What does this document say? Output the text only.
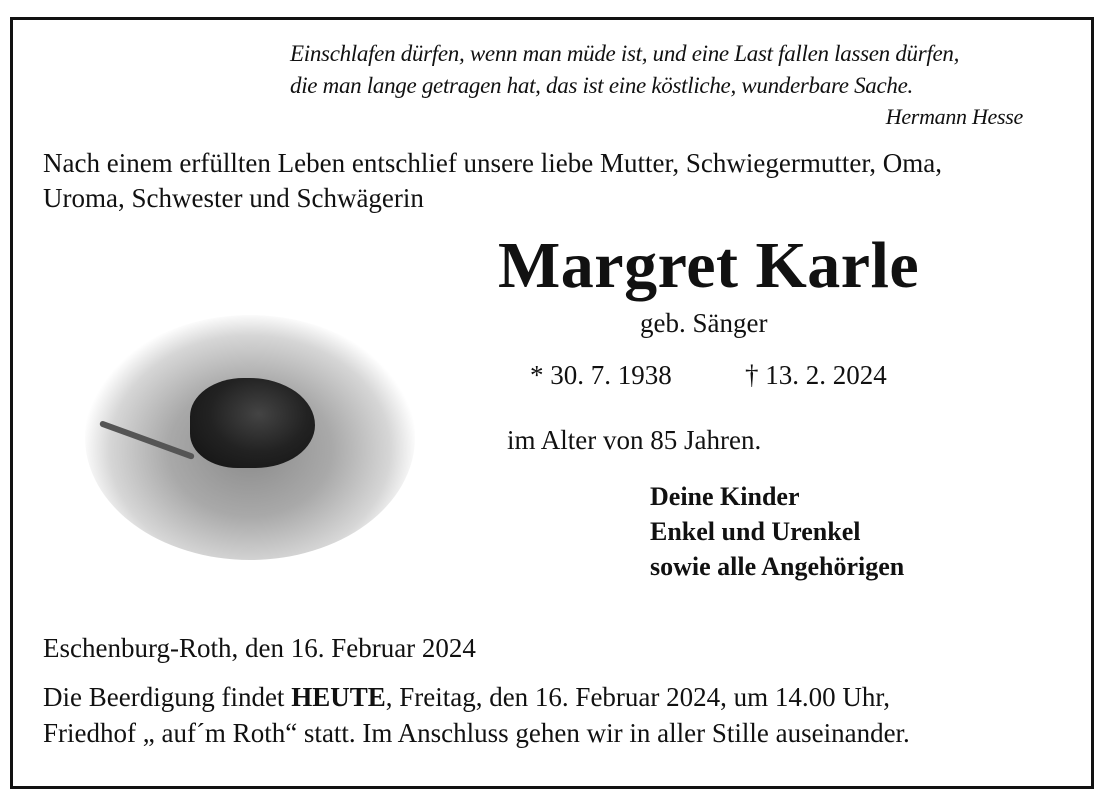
Einschlafen dürfen, wenn man müde ist, und eine Last fallen lassen dürfen,
die man lange getragen hat, das ist eine köstliche, wunderbare Sache.
Hermann Hesse
Nach einem erfüllten Leben entschlief unsere liebe Mutter, Schwiegermutter, Oma,
Uroma, Schwester und Schwägerin
Margret Karle
geb. Sänger
* 30. 7. 1938	† 13. 2. 2024
im Alter von 85 Jahren.
Deine Kinder
Enkel und Urenkel
sowie alle Angehörigen
Eschenburg-Roth, den 16. Februar 2024
Die Beerdigung findet HEUTE, Freitag, den 16. Februar 2024, um 14.00 Uhr,
Friedhof „ auf´m Roth“ statt. Im Anschluss gehen wir in aller Stille auseinander.
